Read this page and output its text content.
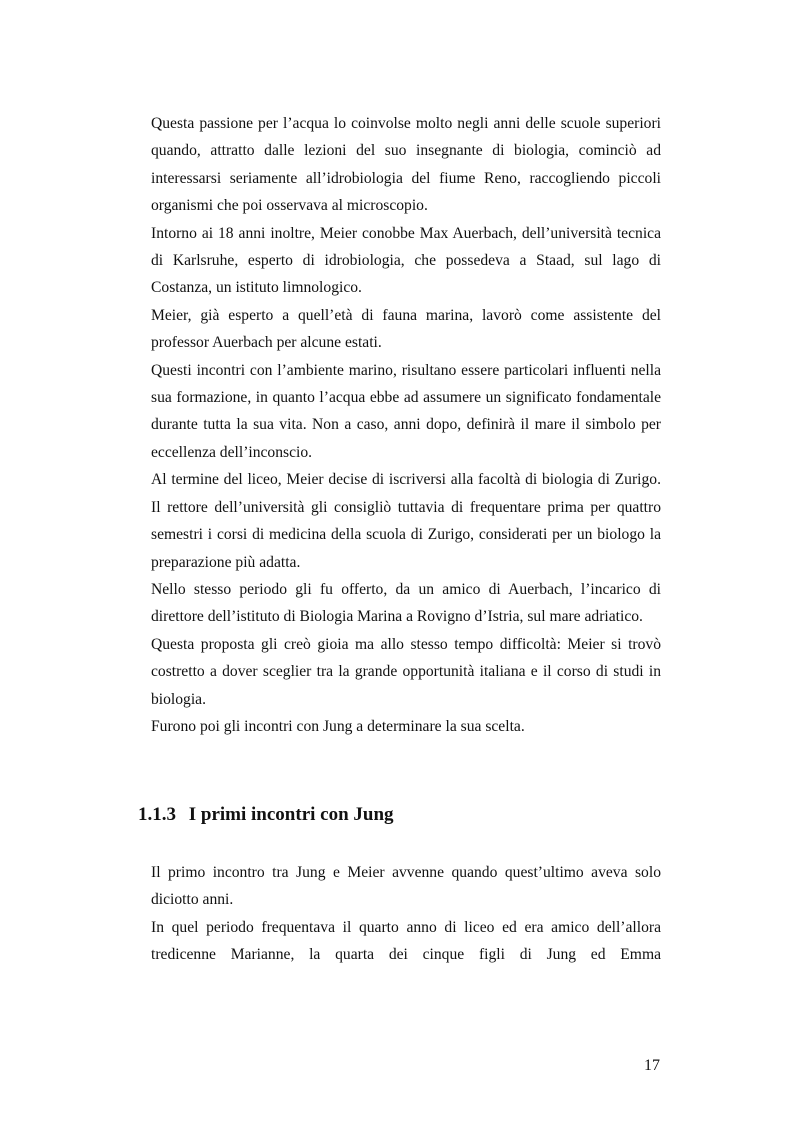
Questa passione per l’acqua lo coinvolse molto negli anni delle scuole superiori quando, attratto dalle lezioni del suo insegnante di biologia, cominciò ad interessarsi seriamente all’idrobiologia del fiume Reno, raccogliendo piccoli organismi che poi osservava al microscopio.

Intorno ai 18 anni inoltre, Meier conobbe Max Auerbach, dell’università tecnica di Karlsruhe, esperto di idrobiologia, che possedeva a Staad, sul lago di Costanza, un istituto limnologico.

Meier, già esperto a quell’età di fauna marina, lavorò come assistente del professor Auerbach per alcune estati.

Questi incontri con l’ambiente marino, risultano essere particolari influenti nella sua formazione, in quanto l’acqua ebbe ad assumere un significato fondamentale durante tutta la sua vita. Non a caso, anni dopo, definirà il mare il simbolo per eccellenza dell’inconscio.

Al termine del liceo, Meier decise di iscriversi alla facoltà di biologia di Zurigo. Il rettore dell’università gli consigliò tuttavia di frequentare prima per quattro semestri i corsi di medicina della scuola di Zurigo, considerati per un biologo la preparazione più adatta.

Nello stesso periodo gli fu offerto, da un amico di Auerbach, l’incarico di direttore dell’istituto di Biologia Marina a Rovigno d’Istria, sul mare adriatico.

Questa proposta gli creò gioia ma allo stesso tempo difficoltà: Meier si trovò costretto a dover sceglier tra la grande opportunità italiana e il corso di studi in biologia.

Furono poi gli incontri con Jung a determinare la sua scelta.

1.1.3 I primi incontri con Jung

Il primo incontro tra Jung e Meier avvenne quando quest’ultimo aveva solo diciotto anni.

In quel periodo frequentava il quarto anno di liceo ed era amico dell’allora tredicenne Marianne, la quarta dei cinque figli di Jung ed Emma

17
